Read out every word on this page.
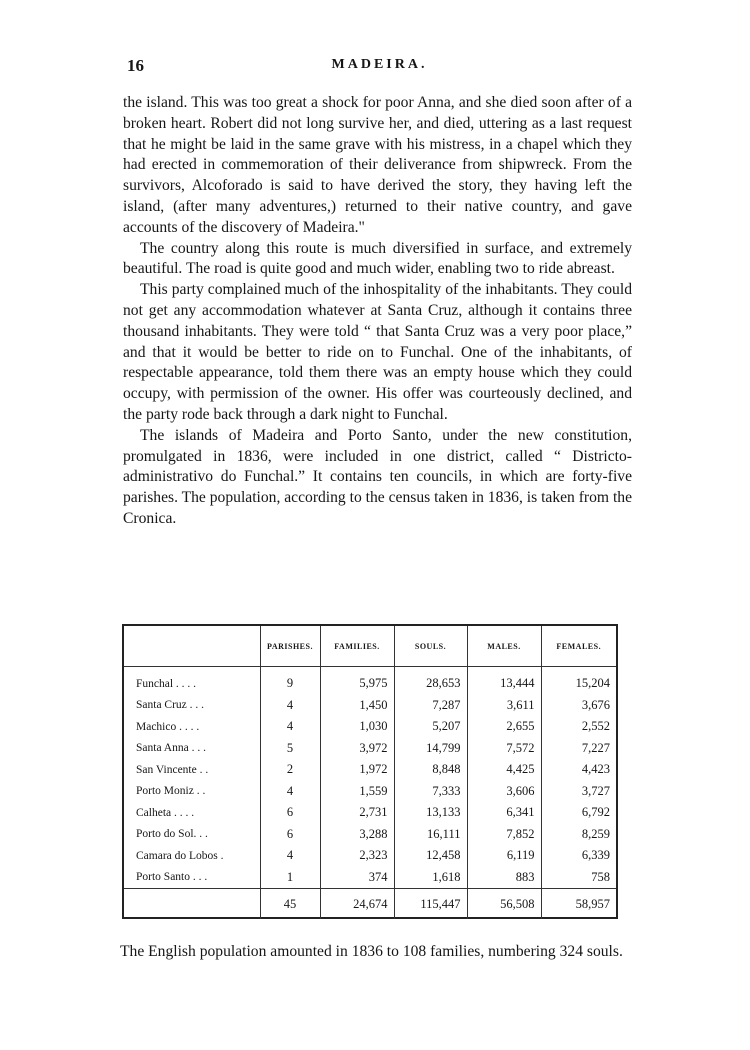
16	MADEIRA.

the island. This was too great a shock for poor Anna, and she died soon after of a broken heart. Robert did not long survive her, and died, uttering as a last request that he might be laid in the same grave with his mistress, in a chapel which they had erected in commemoration of their deliverance from shipwreck. From the survivors, Alcoforado is said to have derived the story, they having left the island, (after many adventures,) returned to their native country, and gave accounts of the discovery of Madeira."

The country along this route is much diversified in surface, and extremely beautiful. The road is quite good and much wider, enabling two to ride abreast.

This party complained much of the inhospitality of the inhabitants. They could not get any accommodation whatever at Santa Cruz, although it contains three thousand inhabitants. They were told “ that Santa Cruz was a very poor place,” and that it would be better to ride on to Funchal. One of the inhabitants, of respectable appearance, told them there was an empty house which they could occupy, with permission of the owner. His offer was courteously declined, and the party rode back through a dark night to Funchal.

The islands of Madeira and Porto Santo, under the new constitution, promulgated in 1836, were included in one district, called “ Districto-administrativo do Funchal.” It contains ten councils, in which are forty-five parishes. The population, according to the census taken in 1836, is taken from the Cronica.

	PARISHES.	FAMILIES.	SOULS.	MALES.	FEMALES.
Funchal . . . .	9	5,975	28,653	13,444	15,204
Santa Cruz . . .	4	1,450	7,287	3,611	3,676
Machico . . . .	4	1,030	5,207	2,655	2,552
Santa Anna . . .	5	3,972	14,799	7,572	7,227
San Vincente . .	2	1,972	8,848	4,425	4,423
Porto Moniz . .	4	1,559	7,333	3,606	3,727
Calheta . . . .	6	2,731	13,133	6,341	6,792
Porto do Sol. . .	6	3,288	16,111	7,852	8,259
Camara do Lobos .	4	2,323	12,458	6,119	6,339
Porto Santo . . .	1	374	1,618	883	758
	45	24,674	115,447	56,508	58,957

The English population amounted in 1836 to 108 families, numbering 324 souls.
